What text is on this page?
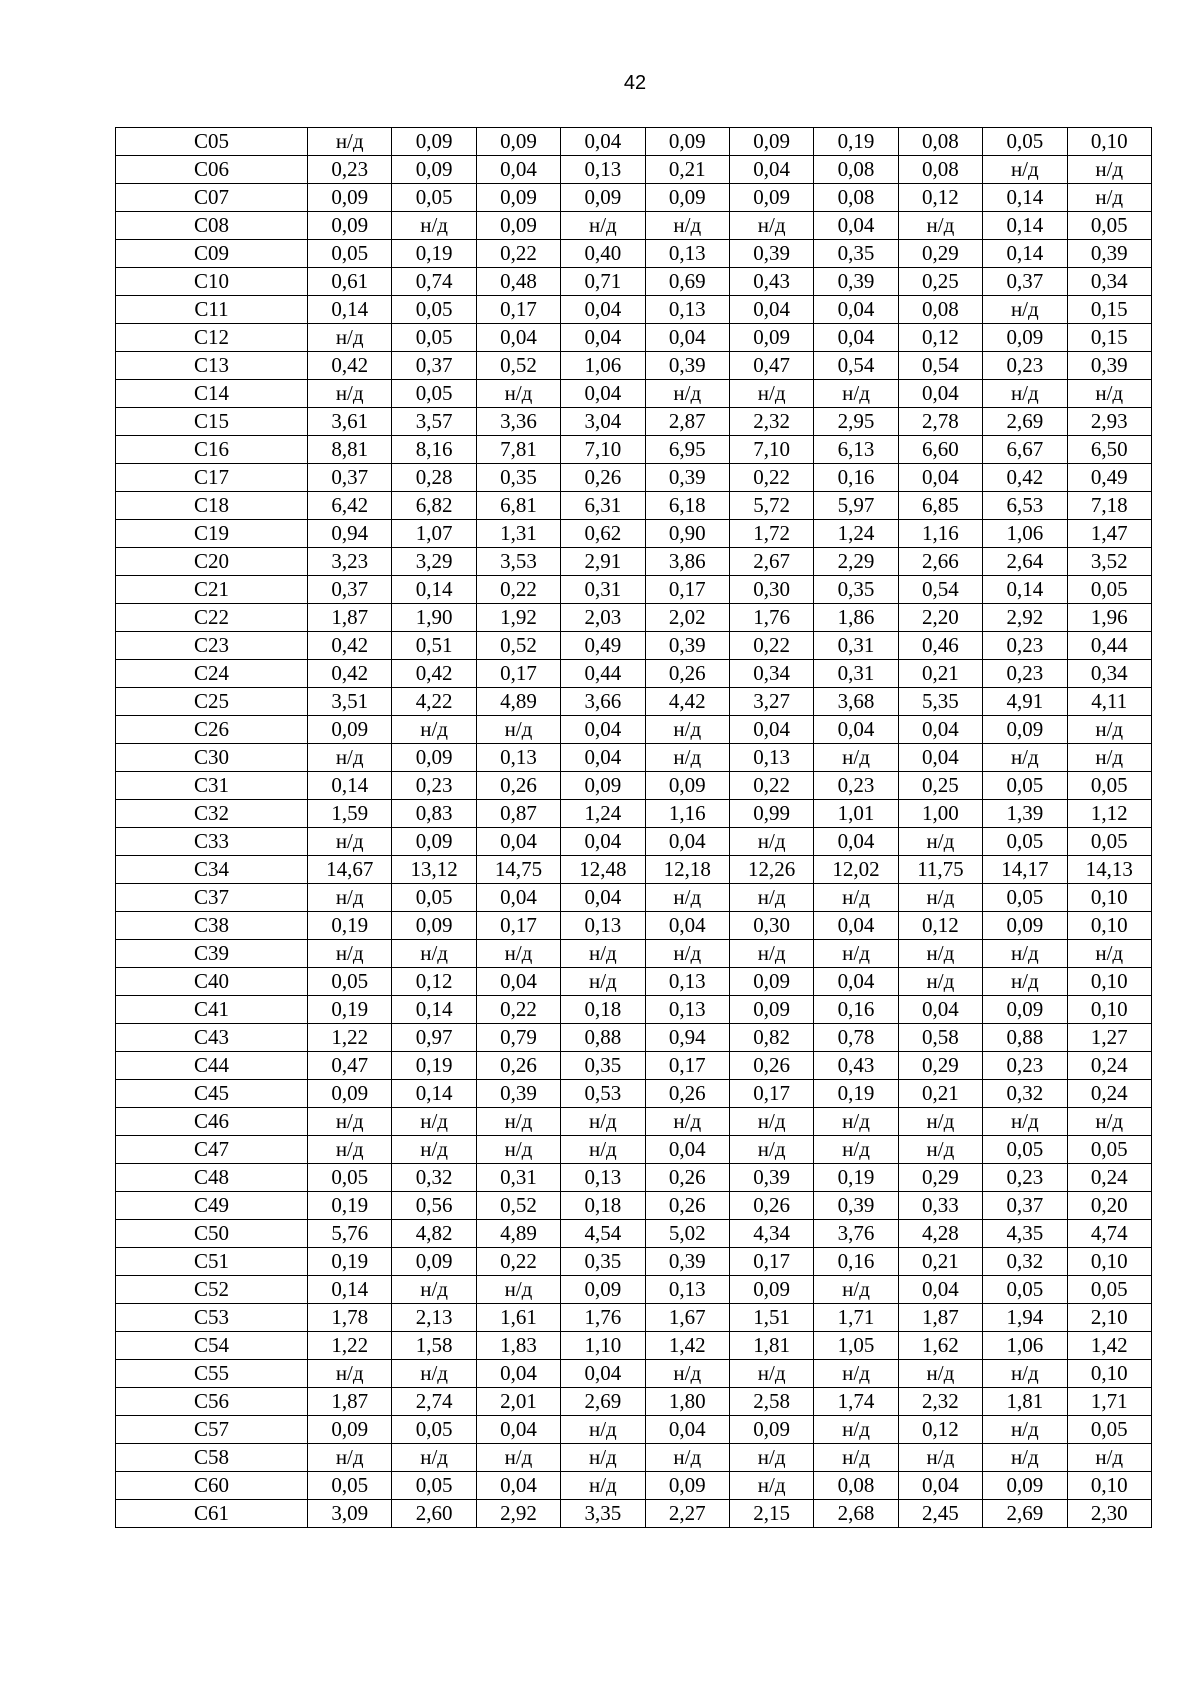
42
C05	н/д	0,09	0,09	0,04	0,09	0,09	0,19	0,08	0,05	0,10
C06	0,23	0,09	0,04	0,13	0,21	0,04	0,08	0,08	н/д	н/д
C07	0,09	0,05	0,09	0,09	0,09	0,09	0,08	0,12	0,14	н/д
C08	0,09	н/д	0,09	н/д	н/д	н/д	0,04	н/д	0,14	0,05
C09	0,05	0,19	0,22	0,40	0,13	0,39	0,35	0,29	0,14	0,39
C10	0,61	0,74	0,48	0,71	0,69	0,43	0,39	0,25	0,37	0,34
C11	0,14	0,05	0,17	0,04	0,13	0,04	0,04	0,08	н/д	0,15
C12	н/д	0,05	0,04	0,04	0,04	0,09	0,04	0,12	0,09	0,15
C13	0,42	0,37	0,52	1,06	0,39	0,47	0,54	0,54	0,23	0,39
C14	н/д	0,05	н/д	0,04	н/д	н/д	н/д	0,04	н/д	н/д
C15	3,61	3,57	3,36	3,04	2,87	2,32	2,95	2,78	2,69	2,93
C16	8,81	8,16	7,81	7,10	6,95	7,10	6,13	6,60	6,67	6,50
C17	0,37	0,28	0,35	0,26	0,39	0,22	0,16	0,04	0,42	0,49
C18	6,42	6,82	6,81	6,31	6,18	5,72	5,97	6,85	6,53	7,18
C19	0,94	1,07	1,31	0,62	0,90	1,72	1,24	1,16	1,06	1,47
C20	3,23	3,29	3,53	2,91	3,86	2,67	2,29	2,66	2,64	3,52
C21	0,37	0,14	0,22	0,31	0,17	0,30	0,35	0,54	0,14	0,05
C22	1,87	1,90	1,92	2,03	2,02	1,76	1,86	2,20	2,92	1,96
C23	0,42	0,51	0,52	0,49	0,39	0,22	0,31	0,46	0,23	0,44
C24	0,42	0,42	0,17	0,44	0,26	0,34	0,31	0,21	0,23	0,34
C25	3,51	4,22	4,89	3,66	4,42	3,27	3,68	5,35	4,91	4,11
C26	0,09	н/д	н/д	0,04	н/д	0,04	0,04	0,04	0,09	н/д
C30	н/д	0,09	0,13	0,04	н/д	0,13	н/д	0,04	н/д	н/д
C31	0,14	0,23	0,26	0,09	0,09	0,22	0,23	0,25	0,05	0,05
C32	1,59	0,83	0,87	1,24	1,16	0,99	1,01	1,00	1,39	1,12
C33	н/д	0,09	0,04	0,04	0,04	н/д	0,04	н/д	0,05	0,05
C34	14,67	13,12	14,75	12,48	12,18	12,26	12,02	11,75	14,17	14,13
C37	н/д	0,05	0,04	0,04	н/д	н/д	н/д	н/д	0,05	0,10
C38	0,19	0,09	0,17	0,13	0,04	0,30	0,04	0,12	0,09	0,10
C39	н/д	н/д	н/д	н/д	н/д	н/д	н/д	н/д	н/д	н/д
C40	0,05	0,12	0,04	н/д	0,13	0,09	0,04	н/д	н/д	0,10
C41	0,19	0,14	0,22	0,18	0,13	0,09	0,16	0,04	0,09	0,10
C43	1,22	0,97	0,79	0,88	0,94	0,82	0,78	0,58	0,88	1,27
C44	0,47	0,19	0,26	0,35	0,17	0,26	0,43	0,29	0,23	0,24
C45	0,09	0,14	0,39	0,53	0,26	0,17	0,19	0,21	0,32	0,24
C46	н/д	н/д	н/д	н/д	н/д	н/д	н/д	н/д	н/д	н/д
C47	н/д	н/д	н/д	н/д	0,04	н/д	н/д	н/д	0,05	0,05
C48	0,05	0,32	0,31	0,13	0,26	0,39	0,19	0,29	0,23	0,24
C49	0,19	0,56	0,52	0,18	0,26	0,26	0,39	0,33	0,37	0,20
C50	5,76	4,82	4,89	4,54	5,02	4,34	3,76	4,28	4,35	4,74
C51	0,19	0,09	0,22	0,35	0,39	0,17	0,16	0,21	0,32	0,10
C52	0,14	н/д	н/д	0,09	0,13	0,09	н/д	0,04	0,05	0,05
C53	1,78	2,13	1,61	1,76	1,67	1,51	1,71	1,87	1,94	2,10
C54	1,22	1,58	1,83	1,10	1,42	1,81	1,05	1,62	1,06	1,42
C55	н/д	н/д	0,04	0,04	н/д	н/д	н/д	н/д	н/д	0,10
C56	1,87	2,74	2,01	2,69	1,80	2,58	1,74	2,32	1,81	1,71
C57	0,09	0,05	0,04	н/д	0,04	0,09	н/д	0,12	н/д	0,05
C58	н/д	н/д	н/д	н/д	н/д	н/д	н/д	н/д	н/д	н/д
C60	0,05	0,05	0,04	н/д	0,09	н/д	0,08	0,04	0,09	0,10
C61	3,09	2,60	2,92	3,35	2,27	2,15	2,68	2,45	2,69	2,30
